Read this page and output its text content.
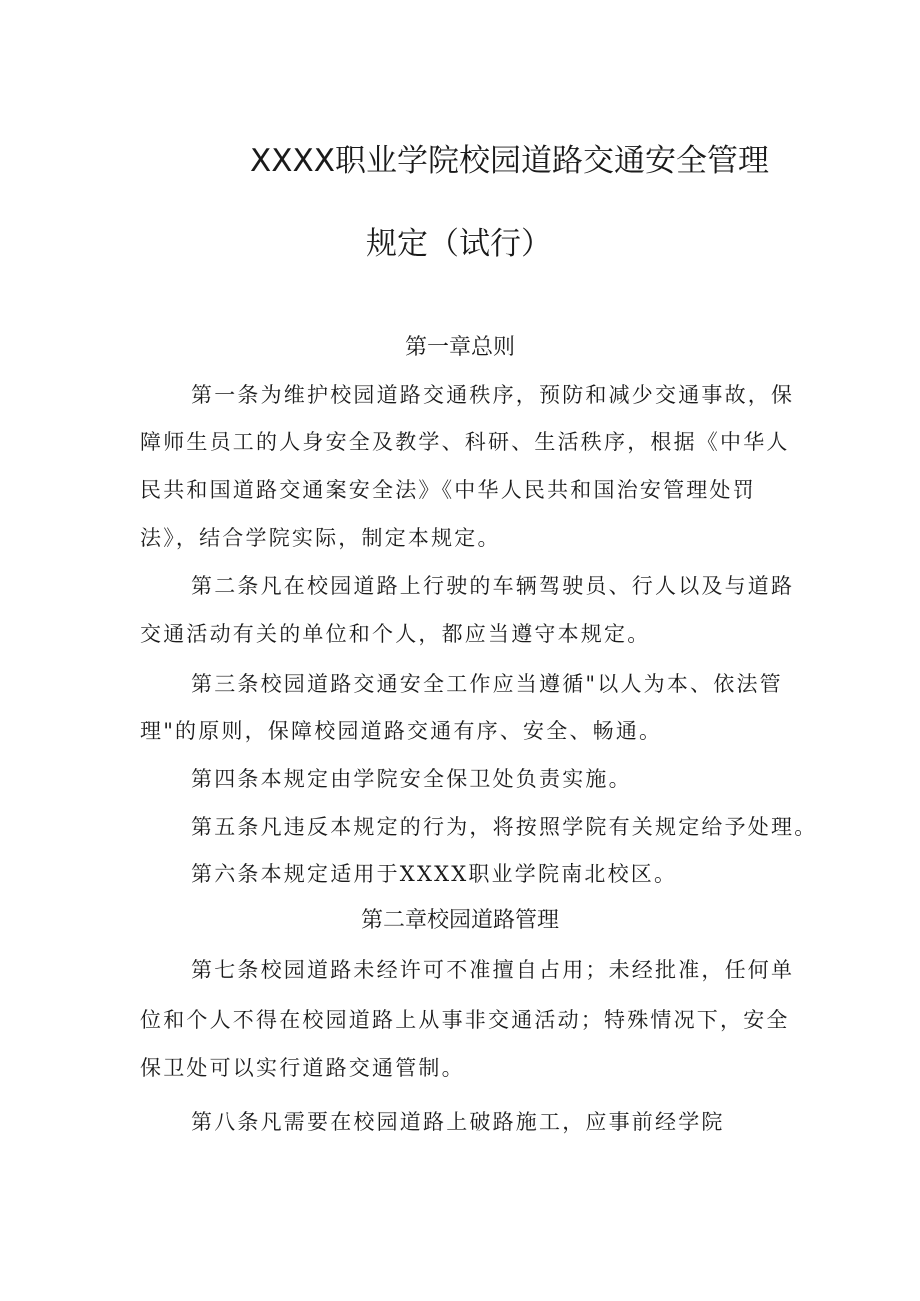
XXXX职业学院校园道路交通安全管理
规定（试行）
第一章总则
第一条为维护校园道路交通秩序，预防和减少交通事故，保
障师生员工的人身安全及教学、科研、生活秩序，根据《中华人
民共和国道路交通案安全法》《中华人民共和国治安管理处罚
法》，结合学院实际，制定本规定。
第二条凡在校园道路上行驶的车辆驾驶员、行人以及与道路
交通活动有关的单位和个人，都应当遵守本规定。
第三条校园道路交通安全工作应当遵循"以人为本、依法管
理"的原则，保障校园道路交通有序、安全、畅通。
第四条本规定由学院安全保卫处负责实施。
第五条凡违反本规定的行为，将按照学院有关规定给予处理。
第六条本规定适用于XXXX职业学院南北校区。
第二章校园道路管理
第七条校园道路未经许可不准擅自占用；未经批准，任何单
位和个人不得在校园道路上从事非交通活动；特殊情况下，安全
保卫处可以实行道路交通管制。
第八条凡需要在校园道路上破路施工，应事前经学院
